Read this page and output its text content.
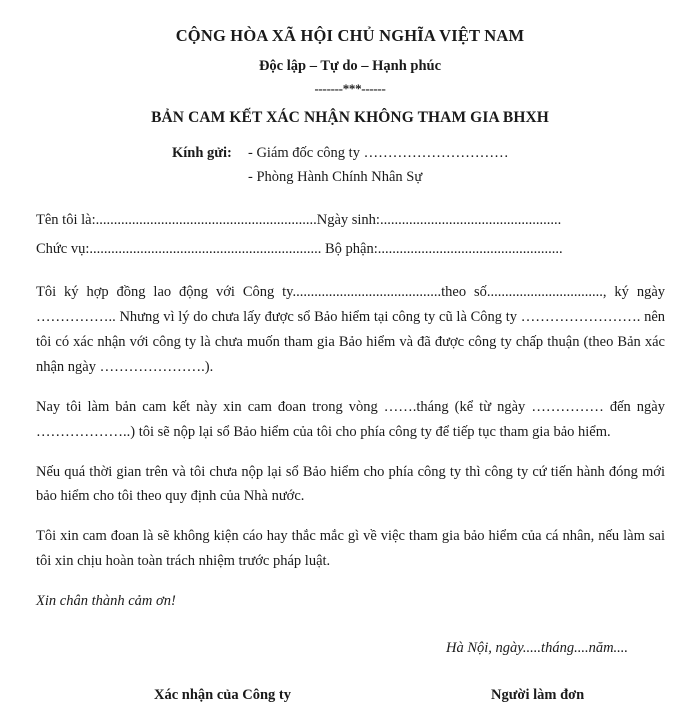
CỘNG HÒA XÃ HỘI CHỦ NGHĨA VIỆT NAM
Độc lập – Tự do – Hạnh phúc
-------***------
BẢN CAM KẾT XÁC NHẬN KHÔNG THAM GIA BHXH
Kính gửi:	- Giám đốc công ty …………………………
- Phòng Hành Chính Nhân Sự
Tên tôi là:.............................................................Ngày sinh:..................................................
Chức vụ:................................................................ Bộ phận:...................................................

Tôi ký hợp đồng lao động với Công ty.........................................theo số................................, ký ngày …………….. Nhưng vì lý do chưa lấy được sổ Bảo hiểm tại công ty cũ là Công ty ……………………. nên tôi có xác nhận với công ty là chưa muốn tham gia Bảo hiểm và đã được công ty chấp thuận (theo Bản xác nhận ngày ………………….).

Nay tôi làm bản cam kết này xin cam đoan trong vòng …….tháng (kể từ ngày …………… đến ngày ………………..) tôi sẽ nộp lại sổ Bảo hiểm của tôi cho phía công ty để tiếp tục tham gia bảo hiểm.

Nếu quá thời gian trên và tôi chưa nộp lại sổ Bảo hiểm cho phía công ty thì công ty cứ tiến hành đóng mới bảo hiểm cho tôi theo quy định của Nhà nước.

Tôi xin cam đoan là sẽ không kiện cáo hay thắc mắc gì về việc tham gia bảo hiểm của cá nhân, nếu làm sai tôi xin chịu hoàn toàn trách nhiệm trước pháp luật.

Xin chân thành cảm ơn!
Hà Nội, ngày.....tháng....năm....
Xác nhận của Công ty	Người làm đơn
